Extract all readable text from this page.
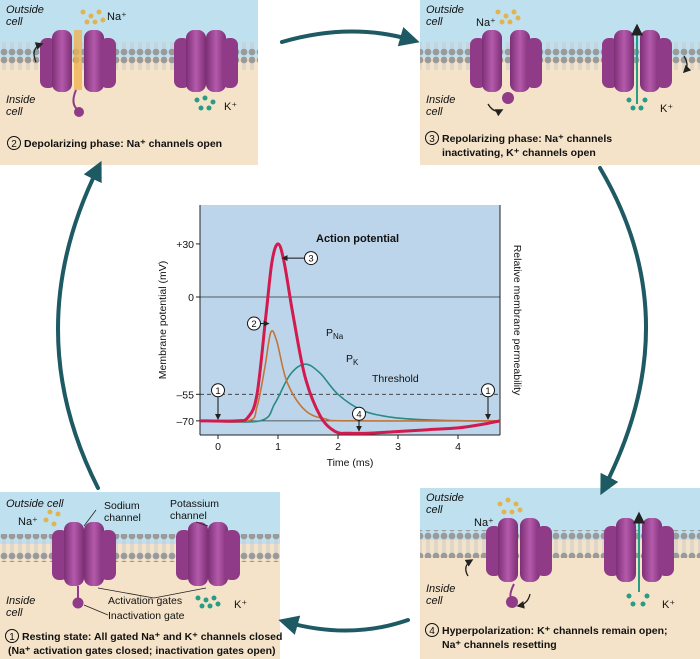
Outside
cell
Inside
cell
Na⁺
K⁺
2 Depolarizing phase: Na⁺ channels open
Outside
cell
Inside
cell
Na⁺
K⁺
3 Repolarizing phase: Na⁺ channels
inactivating, K⁺ channels open
Outside cell
Inside
cell
Na⁺
K⁺
Sodium
channel
Potassium
channel
Activation gates
Inactivation gate
1 Resting state: All gated Na⁺ and K⁺ channels closed
(Na⁺ activation gates closed; inactivation gates open)
Outside
cell
Inside
cell
Na⁺
K⁺
4 Hyperpolarization: K⁺ channels remain open;
Na⁺ channels resetting
+30
0
–55
–70
0	1	2	3	4
1
2
3
4
1
Membrane potential (mV)	Relative membrane permeability
Time (ms)
Action potential
$P_{Na}$
$P_K$
Threshold
